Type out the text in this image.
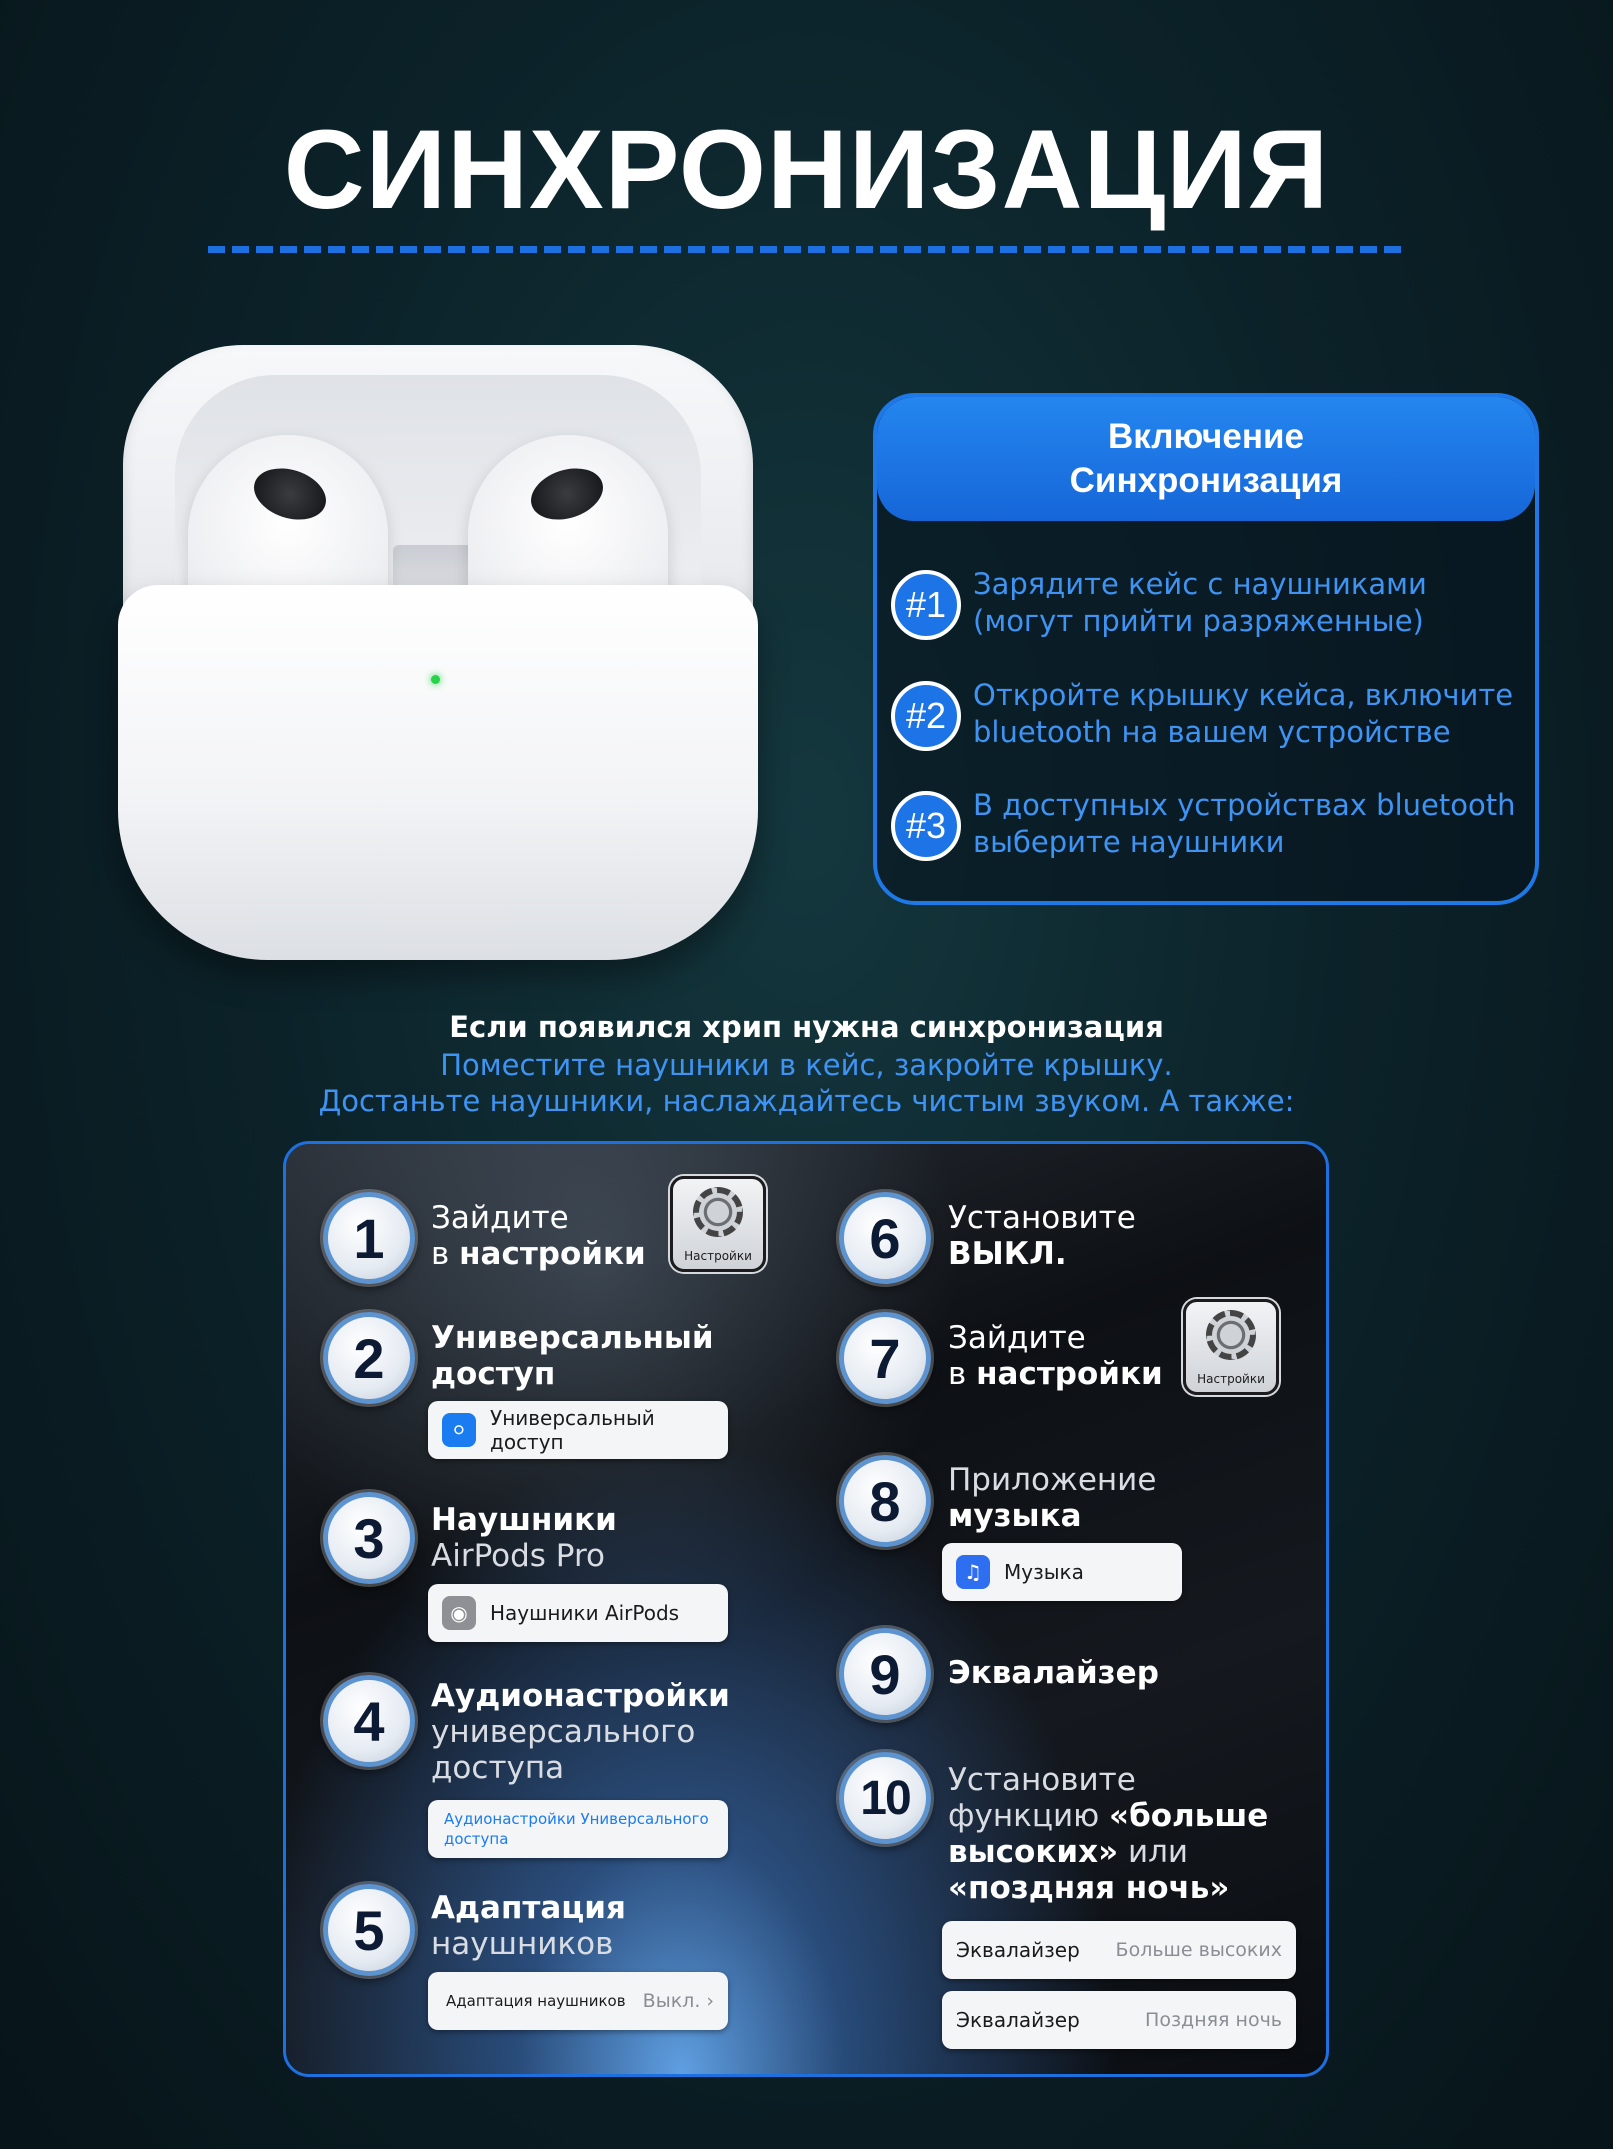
СИНХРОНИЗАЦИЯ
Включение
Синхронизация
#1 Зарядите кейс с наушниками
(могут прийти разряженные)
#2 Откройте крышку кейса, включите
bluetooth на вашем устройстве
#3 В доступных устройствах bluetooth
выберите наушники
Если появился хрип нужна синхронизация
Поместите наушники в кейс, закройте крышку.
Достаньте наушники, наслаждайтесь чистым звуком. А также:
1	Зайдите
в настройки	Настройки
2	Универсальный
доступ
⚪	Универсальный доступ
3	Наушники
AirPods Pro
◉	Наушники AirPods
4	Аудионастройки
универсального
доступа
Аудионастройки Универсального
доступа
5	Адаптация
наушников
Адаптация наушников Выкл. ›
6	Установите
ВЫКЛ.
7	Зайдите
в настройки	Настройки
8	Приложение
музыка
♫	Музыка
9	Эквалайзер
10	Установите
функцию «больше
высоких» или
«поздняя ночь»
Эквалайзер Больше высоких
Эквалайзер	Поздняя ночь
